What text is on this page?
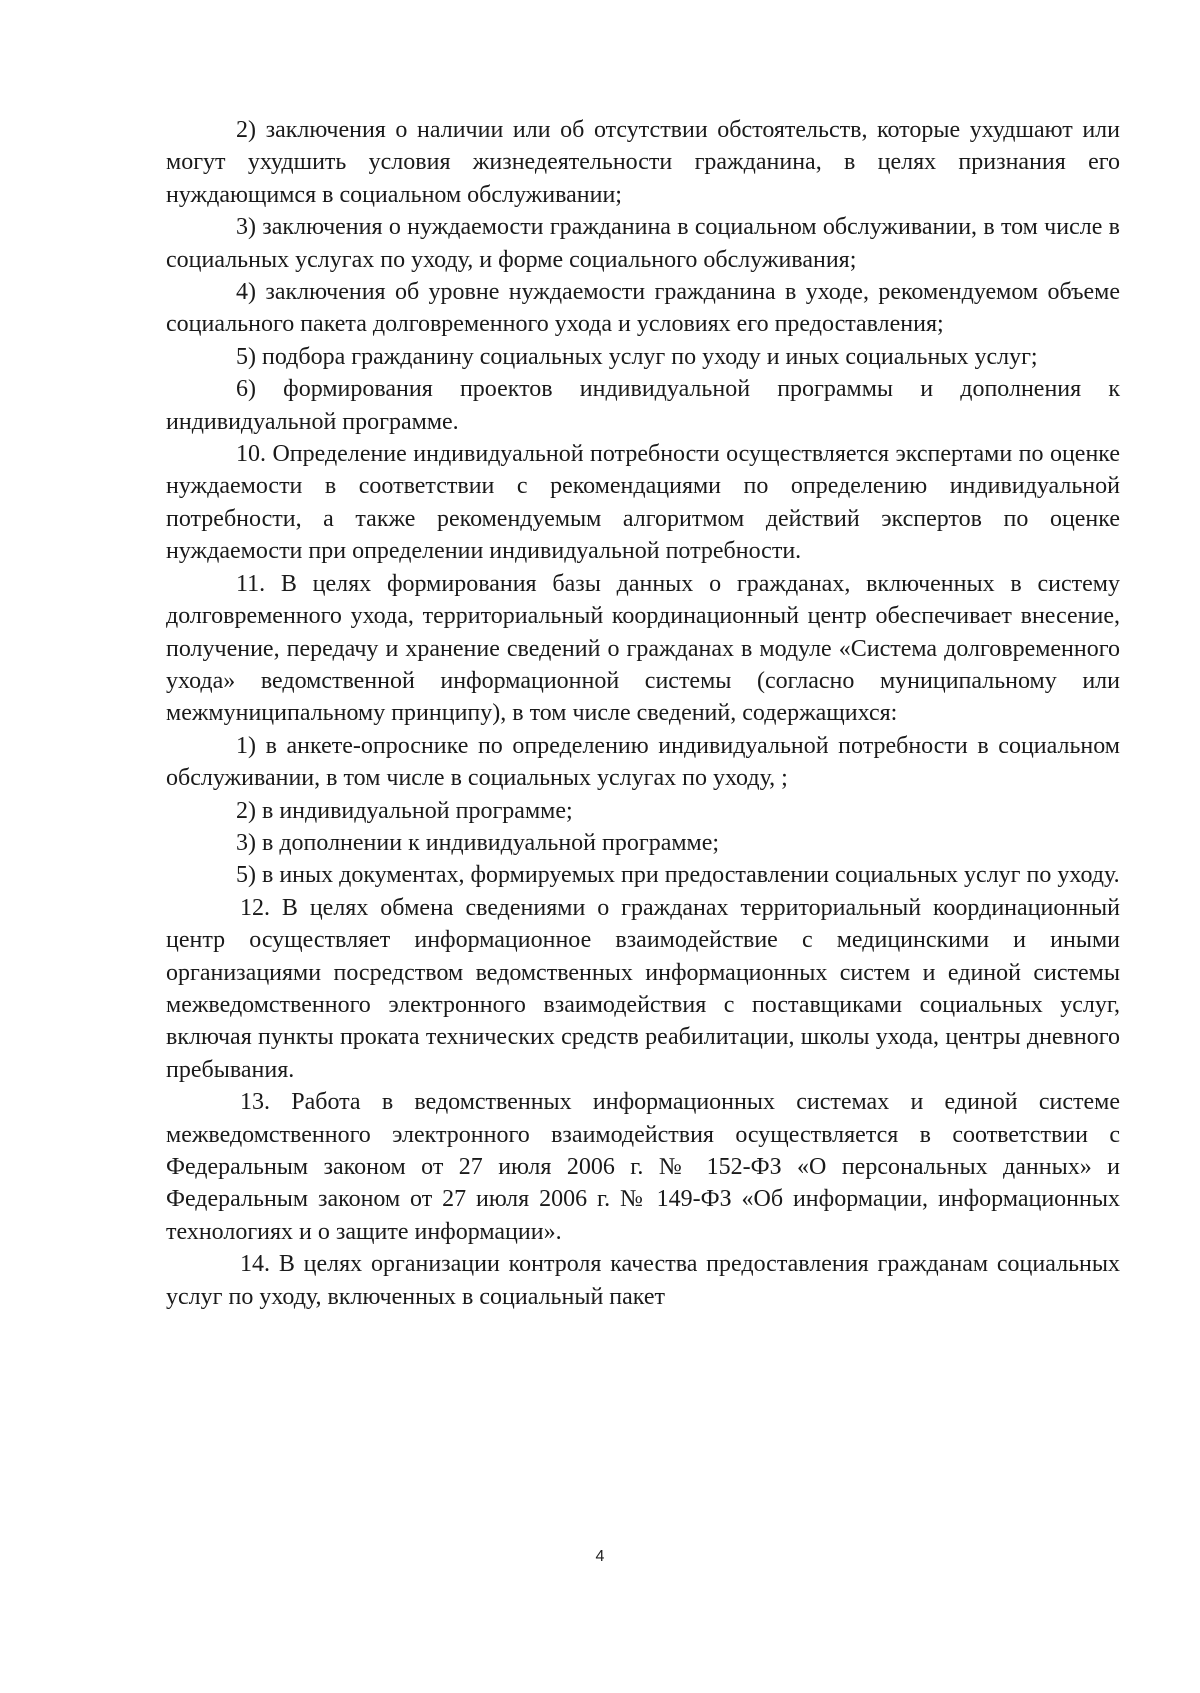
2) заключения о наличии или об отсутствии обстоятельств, которые ухудшают или могут ухудшить условия жизнедеятельности гражданина, в целях признания его нуждающимся в социальном обслуживании;

3) заключения о нуждаемости гражданина в социальном обслуживании, в том числе в социальных услугах по уходу, и форме социального обслуживания;

4) заключения об уровне нуждаемости гражданина в уходе, рекомендуемом объеме социального пакета долговременного ухода и условиях его предоставления;

5) подбора гражданину социальных услуг по уходу и иных социальных услуг;

6) формирования проектов индивидуальной программы и дополнения к индивидуальной программе.

10. Определение индивидуальной потребности осуществляется экспертами по оценке нуждаемости в соответствии с рекомендациями по определению индивидуальной потребности, а также рекомендуемым алгоритмом действий экспертов по оценке нуждаемости при определении индивидуальной потребности.

11. В целях формирования базы данных о гражданах, включенных в систему долговременного ухода, территориальный координационный центр обеспечивает внесение, получение, передачу и хранение сведений о гражданах в модуле «Система долговременного ухода» ведомственной информационной системы (согласно муниципальному или межмуниципальному принципу), в том числе сведений, содержащихся:

1) в анкете-опроснике по определению индивидуальной потребности в социальном обслуживании, в том числе в социальных услугах по уходу, ;

2) в индивидуальной программе;

3) в дополнении к индивидуальной программе;

5) в иных документах, формируемых при предоставлении социальных услуг по уходу.

12. В целях обмена сведениями о гражданах территориальный координационный центр осуществляет информационное взаимодействие с медицинскими и иными организациями посредством ведомственных информационных систем и единой системы межведомственного электронного взаимодействия с поставщиками социальных услуг, включая пункты проката технических средств реабилитации, школы ухода, центры дневного пребывания.

13. Работа в ведомственных информационных системах и единой системе межведомственного электронного взаимодействия осуществляется в соответствии с Федеральным законом от 27 июля 2006 г. № 152-ФЗ «О персональных данных» и Федеральным законом от 27 июля 2006 г. № 149-ФЗ «Об информации, информационных технологиях и о защите информации».

14. В целях организации контроля качества предоставления гражданам социальных услуг по уходу, включенных в социальный пакет

4
